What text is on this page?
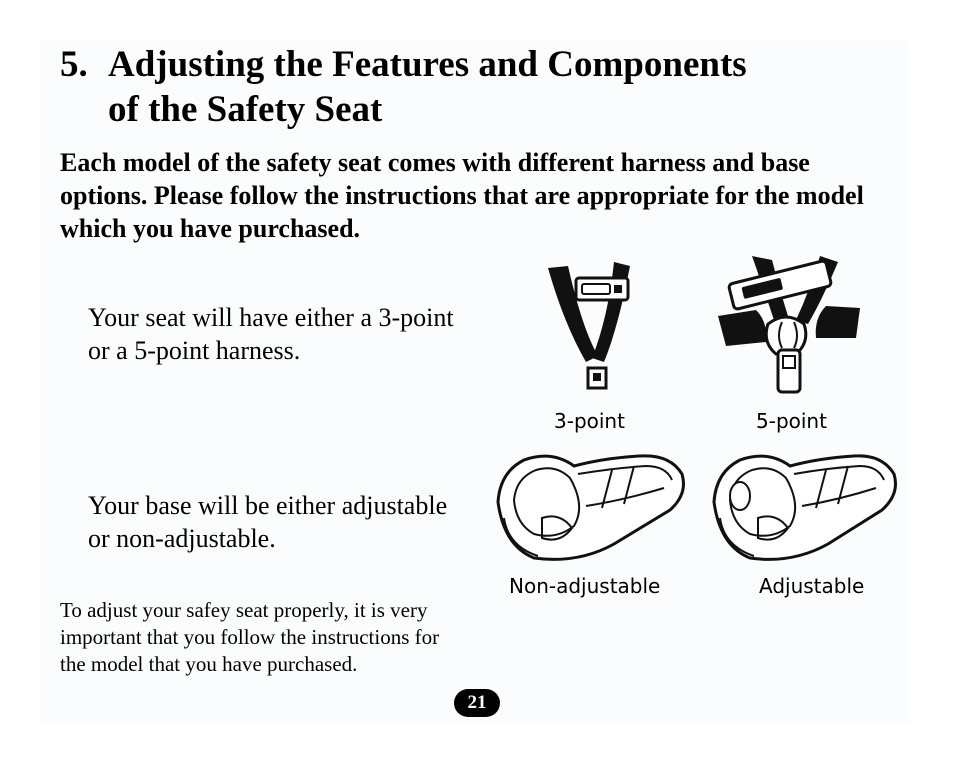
5. Adjusting the Features and Components
of the Safety Seat

Each model of the safety seat comes with different harness and base options. Please follow the instructions that are appropriate for the model which you have purchased.

Your seat will have either a 3-point or a 5-point harness.

Your base will be either adjustable or non-adjustable.

To adjust your safey seat properly, it is very important that you follow the instructions for the model that you have purchased.

3-point	5-point
Non-adjustable	Adjustable
21
